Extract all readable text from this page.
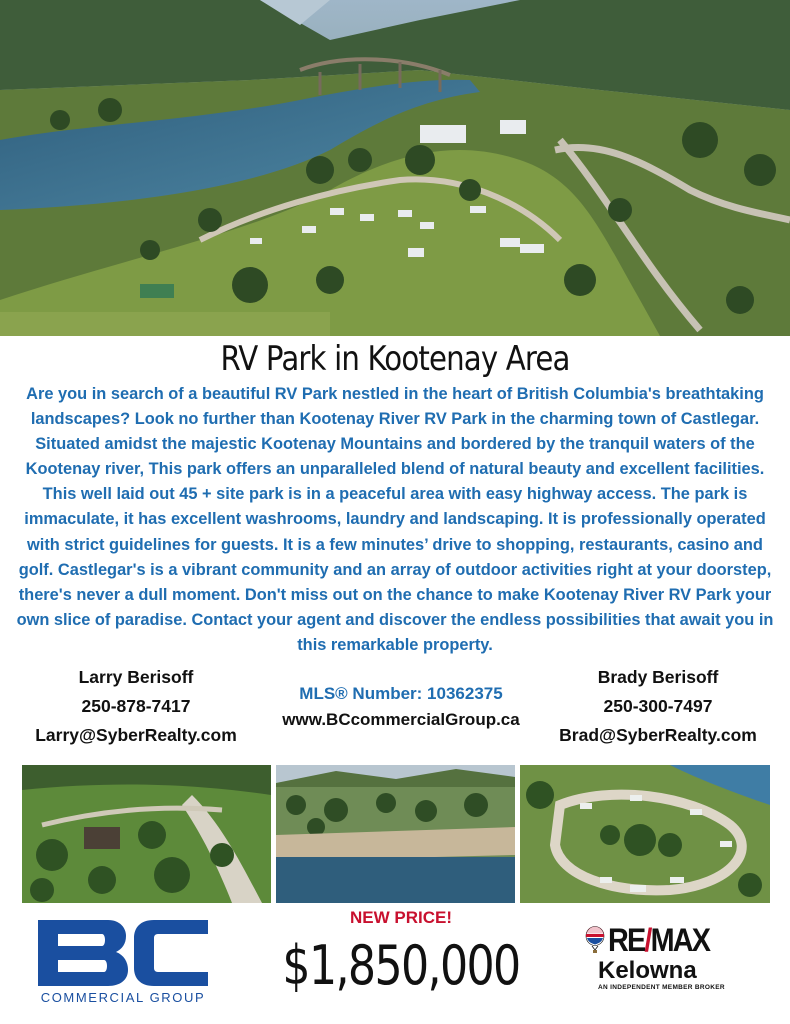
RV Park in Kootenay Area
Are you in search of a beautiful RV Park nestled in the heart of British Columbia's breathtaking landscapes? Look no further than Kootenay River RV Park in the charming town of Castlegar. Situated amidst the majestic Kootenay Mountains and bordered by the tranquil waters of the Kootenay river, This park offers an unparalleled blend of natural beauty and excellent facilities. This well laid out 45 + site park is in a peaceful area with easy highway access. The park is immaculate, it has excellent washrooms, laundry and landscaping. It is professionally operated with strict guidelines for guests. It is a few minutes’ drive to shopping, restaurants, casino and golf. Castlegar's is a vibrant community and an array of outdoor activities right at your doorstep, there's never a dull moment. Don't miss out on the chance to make Kootenay River RV Park your own slice of paradise. Contact your agent and discover the endless possibilities that await you in this remarkable property.
Larry Berisoff
250-878-7417
Larry@SyberRealty.com
MLS® Number: 10362375
www.BCcommercialGroup.ca
Brady Berisoff
250-300-7497
Brad@SyberRealty.com
COMMERCIAL GROUP
NEW PRICE!
$1,850,000	RE/MAX
Kelowna
AN INDEPENDENT MEMBER BROKER
